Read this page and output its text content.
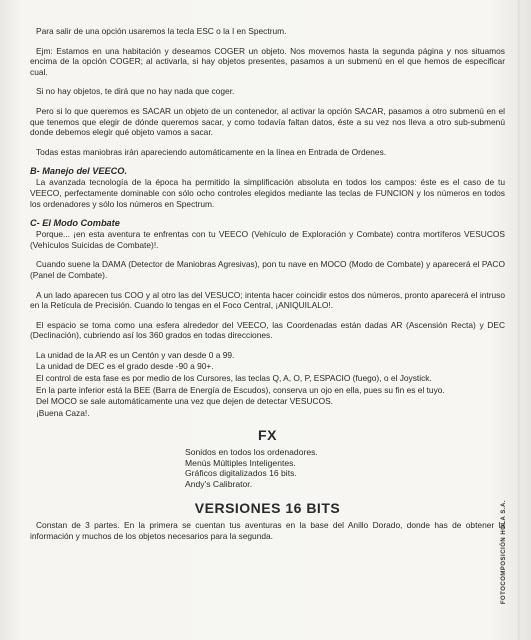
Para salir de una opción usaremos la tecla ESC o la I en Spectrum.

Ejm: Estamos en una habitación y deseamos COGER un objeto. Nos movemos hasta la segunda página y nos situamos encima de la opción COGER; al activarla, si hay objetos presentes, pasamos a un submenú en el que hemos de especificar cual.

Si no hay objetos, te dirá que no hay nada que coger.

Pero si lo que queremos es SACAR un objeto de un contenedor, al activar la opción SACAR, pasamos a otro submenú en el que tenemos que elegir de dónde queremos sacar, y como todavía faltan datos, éste a su vez nos lleva a otro sub-submenú donde debemos elegir qué objeto vamos a sacar.

Todas estas maniobras irán apareciendo automáticamente en la línea en Entrada de Ordenes.

B- Manejo del VEECO.

La avanzada tecnología de la época ha permitido la simplificación absoluta en todos los campos: éste es el caso de tu VEECO, perfectamente dominable con sólo ocho controles elegidos mediante las teclas de FUNCION y los números en todos los ordenadores y sólo los números en Spectrum.

C- El Modo Combate

Porque... ¡en esta aventura te enfrentas con tu VEECO (Vehículo de Exploración y Combate) contra mortíferos VESUCOS (Vehículos Suicidas de Combate)!.

Cuando suene la DAMA (Detector de Maniobras Agresivas), pon tu nave en MOCO (Modo de Combate) y aparecerá el PACO (Panel de Combate).

A un lado aparecen tus COO y al otro las del VESUCO; intenta hacer coincidir estos dos números, pronto aparecerá el intruso en la Retícula de Precisión. Cuando lo tengas en el Foco Central, ¡ANIQUILALO!.

El espacio se toma como una esfera alrededor del VEECO, las Coordenadas están dadas AR (Ascensión Recta) y DEC (Declinación), cubriendo así los 360 grados en todas direcciones.

La unidad de la AR es un Centón y van desde 0 a 99.

La unidad de DEC es el grado desde -90 a 90+.

El control de esta fase es por medio de los Cursores, las teclas Q, A, O, P, ESPACIO (fuego), o el Joystick.

En la parte inferior está la BEE (Barra de Energía de Escudos), conserva un ojo en ella, pues su fin es el tuyo.

Del MOCO se sale automáticamente una vez que dejen de detectar VESUCOS.

¡Buena Caza!.

FX
Sonidos en todos los ordenadores.
Menús Múltiples Inteligentes.
Gráficos digitalizados 16 bits.
Andy's Calibrator.
VERSIONES 16 BITS

Constan de 3 partes. En la primera se cuentan tus aventuras en la base del Anillo Dorado, donde has de obtener la información y muchos de los objetos necesarios para la segunda.	FOTOCOMPOSICIÓN HOLA S.A.
